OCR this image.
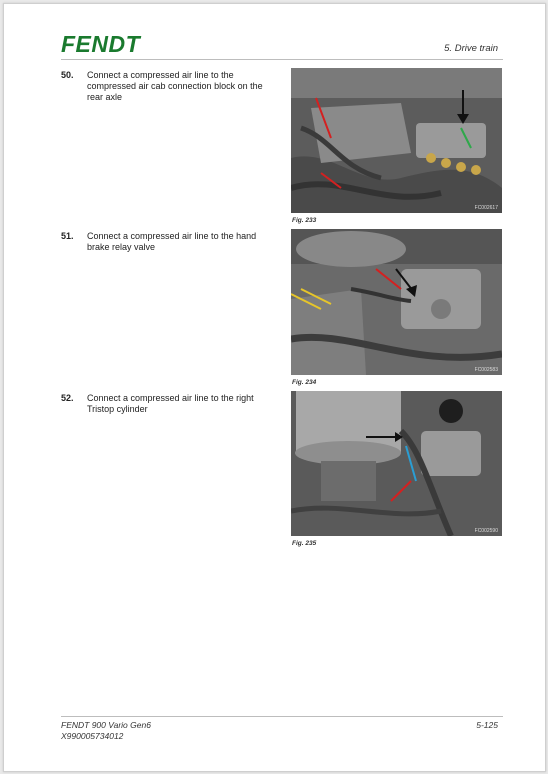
FENDT	5. Drive train
50. Connect a compressed air line to the compressed air cab connection block on the rear axle
FC002617
Fig. 233
51. Connect a compressed air line to the hand brake relay valve
FC002583
Fig. 234
52. Connect a compressed air line to the right Tristop cylinder
FC002590
Fig. 235
FENDT 900 Vario Gen6
X990005734012
5-125
